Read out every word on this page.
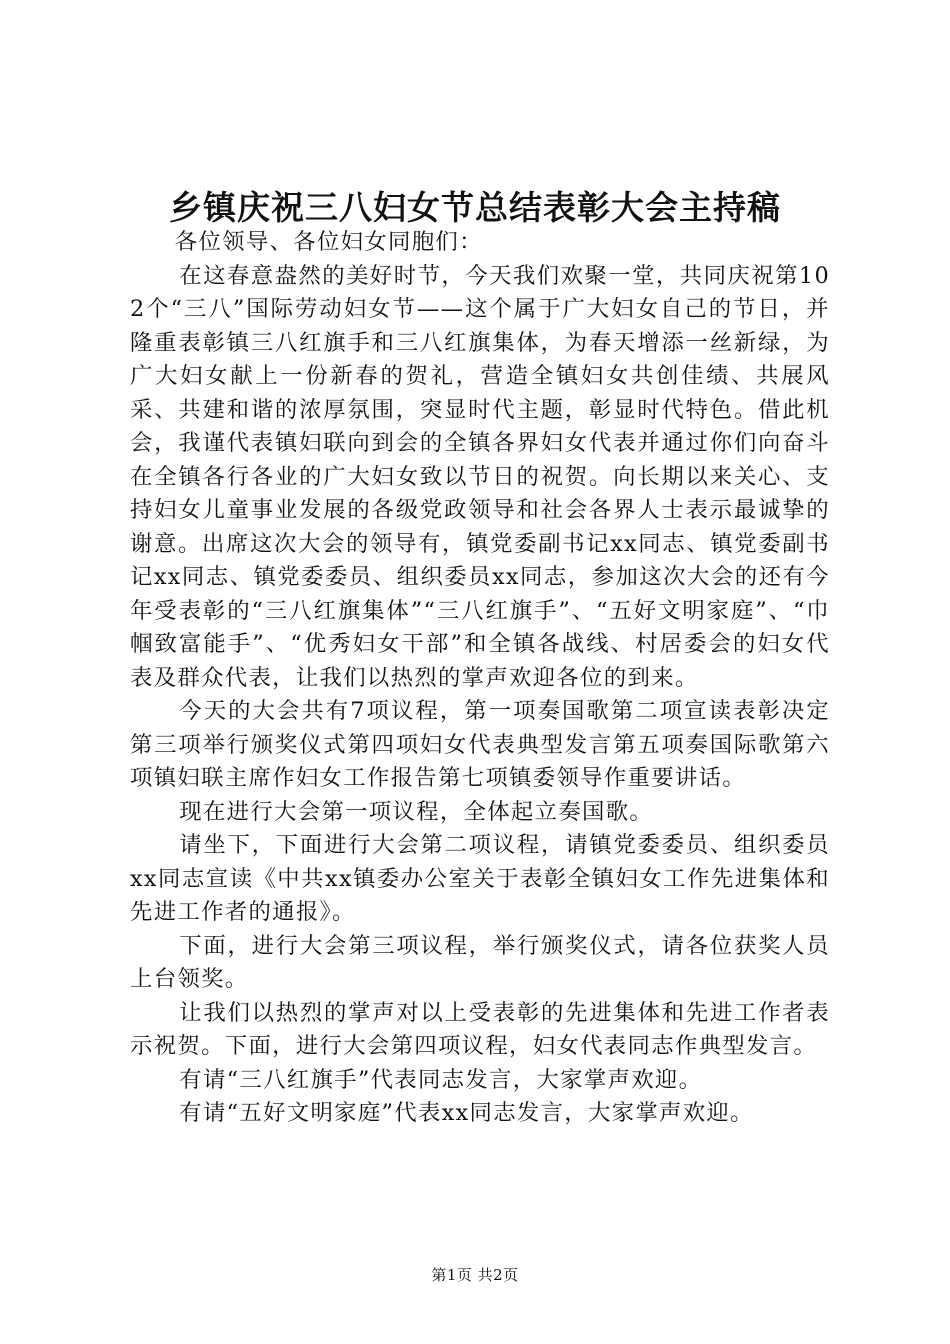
乡镇庆祝三八妇女节总结表彰大会主持稿

各位领导、各位妇女同胞们：

在这春意盎然的美好时节，今天我们欢聚一堂，共同庆祝第102个“三八”国际劳动妇女节——这个属于广大妇女自己的节日，并隆重表彰镇三八红旗手和三八红旗集体，为春天增添一丝新绿，为广大妇女献上一份新春的贺礼，营造全镇妇女共创佳绩、共展风采、共建和谐的浓厚氛围，突显时代主题，彰显时代特色。借此机会，我谨代表镇妇联向到会的全镇各界妇女代表并通过你们向奋斗在全镇各行各业的广大妇女致以节日的祝贺。向长期以来关心、支持妇女儿童事业发展的各级党政领导和社会各界人士表示最诚挚的谢意。出席这次大会的领导有，镇党委副书记xx同志、镇党委副书记xx同志、镇党委委员、组织委员xx同志，参加这次大会的还有今年受表彰的“三八红旗集体”“三八红旗手”、“五好文明家庭”、“巾帼致富能手”、“优秀妇女干部”和全镇各战线、村居委会的妇女代表及群众代表，让我们以热烈的掌声欢迎各位的到来。

今天的大会共有7项议程，第一项奏国歌第二项宣读表彰决定第三项举行颁奖仪式第四项妇女代表典型发言第五项奏国际歌第六项镇妇联主席作妇女工作报告第七项镇委领导作重要讲话。

现在进行大会第一项议程，全体起立奏国歌。

请坐下，下面进行大会第二项议程，请镇党委委员、组织委员xx同志宣读《中共xx镇委办公室关于表彰全镇妇女工作先进集体和先进工作者的通报》。

下面，进行大会第三项议程，举行颁奖仪式，请各位获奖人员上台领奖。

让我们以热烈的掌声对以上受表彰的先进集体和先进工作者表示祝贺。下面，进行大会第四项议程，妇女代表同志作典型发言。

有请“三八红旗手”代表同志发言，大家掌声欢迎。

有请“五好文明家庭”代表xx同志发言，大家掌声欢迎。

第1页 共2页
